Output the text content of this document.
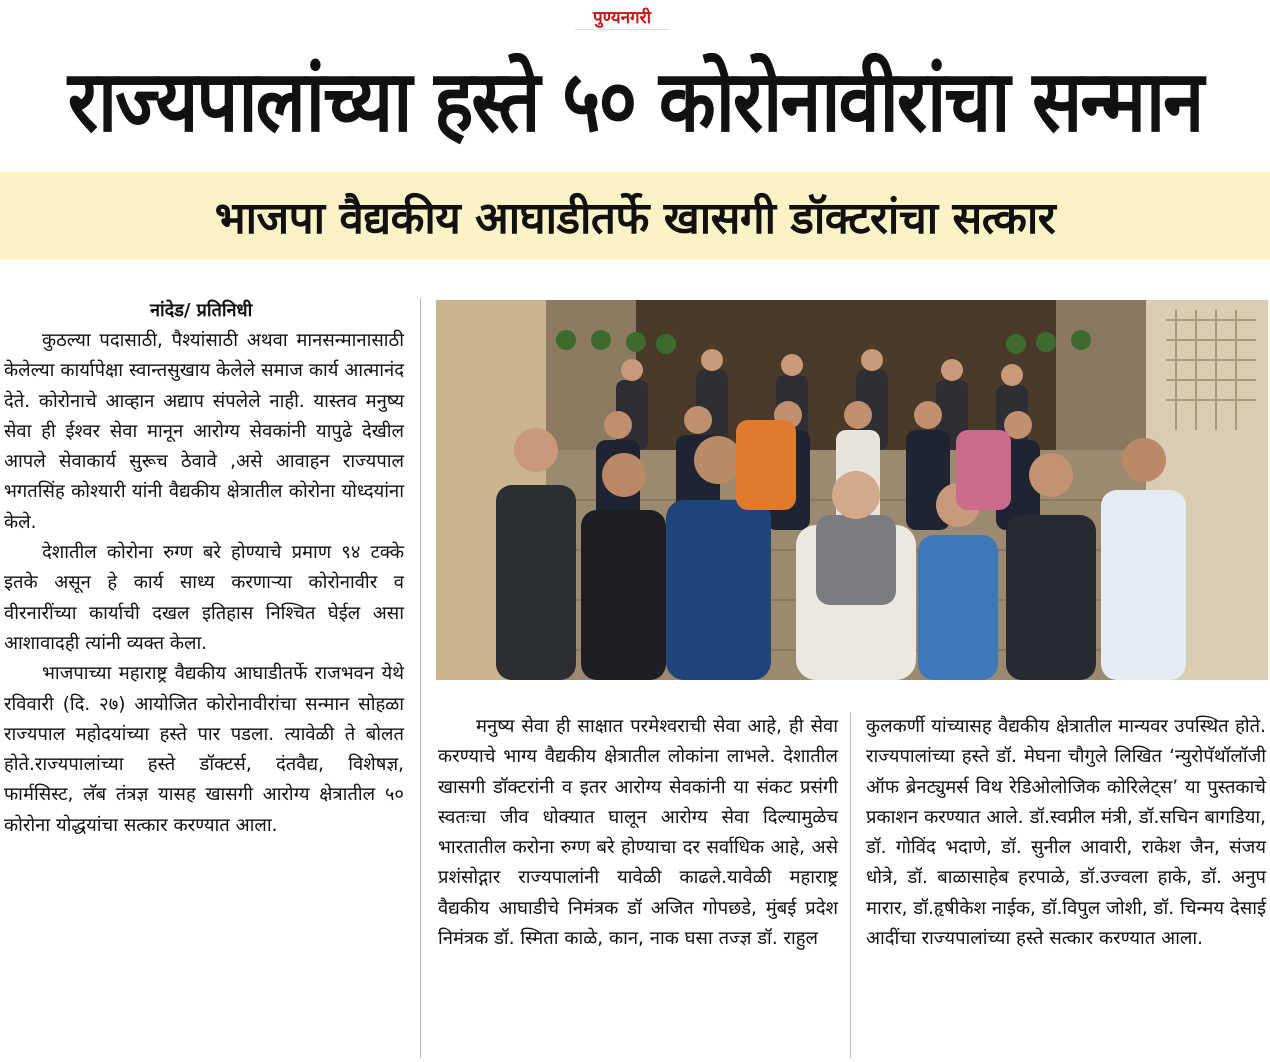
पुण्यनगरी
राज्यपालांच्या हस्ते ५० कोरोनावीरांचा सन्मान
भाजपा वैद्यकीय आघाडीतर्फे खासगी डॉक्टरांचा सत्कार
नांदेड/ प्रतिनिधी

कुठल्या पदासाठी, पैश्यांसाठी अथवा मानसन्मानासाठी केलेल्या कार्यापेक्षा स्वान्तसुखाय केलेले समाज कार्य आत्मानंद देते. कोरोनाचे आव्हान अद्याप संपलेले नाही. यास्तव मनुष्य सेवा ही ईश्वर सेवा मानून आरोग्य सेवकांनी यापुढे देखील आपले सेवाकार्य सुरूच ठेवावे ,असे आवाहन राज्यपाल भगतसिंह कोश्यारी यांनी वैद्यकीय क्षेत्रातील कोरोना योध्दयांना केले.

देशातील कोरोना रुग्ण बरे होण्याचे प्रमाण ९४ टक्के इतके असून हे कार्य साध्य करणाऱ्या कोरोनावीर व वीरनारींच्या कार्याची दखल इतिहास निश्चित घेईल असा आशावादही त्यांनी व्यक्त केला.

भाजपाच्या महाराष्ट्र वैद्यकीय आघाडीतर्फे राजभवन येथे रविवारी (दि. २७) आयोजित कोरोनावीरांचा सन्मान सोहळा राज्यपाल महोदयांच्या हस्ते पार पडला. त्यावेळी ते बोलत होते.राज्यपालांच्या हस्ते डॉक्टर्स, दंतवैद्य, विशेषज्ञ, फार्मसिस्ट, लॅब तंत्रज्ञ यासह खासगी आरोग्य क्षेत्रातील ५० कोरोना योद्धयांचा सत्कार करण्यात आला.

मनुष्य सेवा ही साक्षात परमेश्वराची सेवा आहे, ही सेवा करण्याचे भाग्य वैद्यकीय क्षेत्रातील लोकांना लाभले. देशातील खासगी डॉक्टरांनी व इतर आरोग्य सेवकांनी या संकट प्रसंगी स्वतःचा जीव धोक्यात घालून आरोग्य सेवा दिल्यामुळेच भारतातील करोना रुग्ण बरे होण्याचा दर सर्वाधिक आहे, असे प्रशंसोद्गार राज्यपालांनी यावेळी काढले.यावेळी महाराष्ट्र वैद्यकीय आघाडीचे निमंत्रक डॉ अजित गोपछडे, मुंबई प्रदेश निमंत्रक डॉ. स्मिता काळे, कान, नाक घसा तज्ज्ञ डॉ. राहुल

कुलकर्णी यांच्यासह वैद्यकीय क्षेत्रातील मान्यवर उपस्थित होते. राज्यपालांच्या हस्ते डॉ. मेघना चौगुले लिखित ‘न्युरोपॅथॉलॉजी ऑफ ब्रेनट्युमर्स विथ रेडिओलोजिक कोरिलेट्स’ या पुस्तकाचे प्रकाशन करण्यात आले. डॉ.स्वप्नील मंत्री, डॉ.सचिन बागडिया, डॉ. गोविंद भदाणे, डॉ. सुनील आवारी, राकेश जैन, संजय धोत्रे, डॉ. बाळासाहेब हरपाळे, डॉ.उज्वला हाके, डॉ. अनुप मारार, डॉ.हृषीकेश नाईक, डॉ.विपुल जोशी, डॉ. चिन्मय देसाई आदींचा राज्यपालांच्या हस्ते सत्कार करण्यात आला.
